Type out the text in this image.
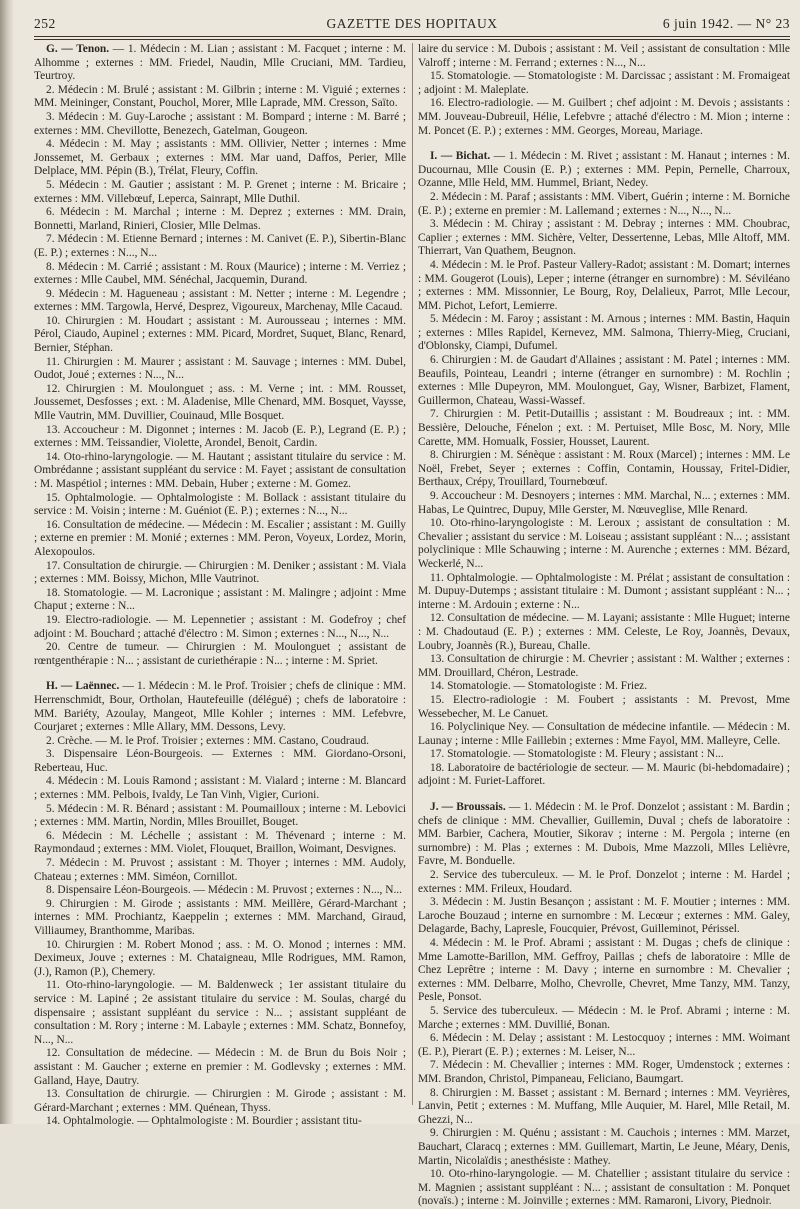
252	GAZETTE DES HOPITAUX	6 juin 1942. — N° 23

G. — Tenon. — 1. Médecin : M. Lian ; assistant : M. Facquet ; interne : M. Alhomme ; externes : MM. Friedel, Naudin, Mlle Cruciani, MM. Tardieu, Teurtroy.

2. Médecin : M. Brulé ; assistant : M. Gilbrin ; interne : M. Viguié ; externes : MM. Meininger, Constant, Pouchol, Morer, Mlle Laprade, MM. Cresson, Saïto.

3. Médecin : M. Guy-Laroche ; assistant : M. Bompard ; interne : M. Barré ; externes : MM. Chevillotte, Benezech, Gatelman, Gougeon.

4. Médecin : M. May ; assistants : MM. Ollivier, Netter ; internes : Mme Jonssemet, M. Gerbaux ; externes : MM. Mar uand, Daffos, Perier, Mlle Delplace, MM. Pépin (B.), Trélat, Fleury, Coffin.

5. Médecin : M. Gautier ; assistant : M. P. Grenet ; interne : M. Bricaire ; externes : MM. Villebœuf, Leperca, Sainrapt, Mlle Duthil.

6. Médecin : M. Marchal ; interne : M. Deprez ; externes : MM. Drain, Bonnetti, Marland, Rinieri, Closier, Mlle Delmas.

7. Médecin : M. Etienne Bernard ; internes : M. Canivet (E. P.), Sibertin-Blanc (E. P.) ; externes : N..., N...

8. Médecin : M. Carrié ; assistant : M. Roux (Maurice) ; interne : M. Verriez ; externes : Mlle Caubel, MM. Sénéchal, Jacquemin, Durand.

9. Médecin : M. Hagueneau ; assistant : M. Netter ; interne : M. Legendre ; externes : MM. Targowla, Hervé, Desprez, Vigoureux, Marchenay, Mlle Cacaud.

10. Chirurgien : M. Houdart ; assistant : M. Aurousseau ; internes : MM. Pérol, Ciaudo, Aupinel ; externes : MM. Picard, Mordret, Suquet, Blanc, Renard, Bernier, Stéphan.

11. Chirurgien : M. Maurer ; assistant : M. Sauvage ; internes : MM. Dubel, Oudot, Joué ; externes : N..., N...

12. Chirurgien : M. Moulonguet ; ass. : M. Verne ; int. : MM. Rousset, Joussemet, Desfosses ; ext. : M. Aladenise, Mlle Chenard, MM. Bosquet, Vaysse, Mlle Vautrin, MM. Duvillier, Couinaud, Mlle Bosquet.

13. Accoucheur : M. Digonnet ; internes : M. Jacob (E. P.), Legrand (E. P.) ; externes : MM. Teissandier, Violette, Arondel, Benoit, Cardin.

14. Oto-rhino-laryngologie. — M. Hautant ; assistant titulaire du service : M. Ombrédanne ; assistant suppléant du service : M. Fayet ; assistant de consultation : M. Maspétiol ; internes : MM. Debain, Huber ; externe : M. Gomez.

15. Ophtalmologie. — Ophtalmologiste : M. Bollack : assistant titulaire du service : M. Voisin ; interne : M. Guéniot (E. P.) ; externes : N..., N...

16. Consultation de médecine. — Médecin : M. Escalier ; assistant : M. Guilly ; externe en premier : M. Monié ; externes : MM. Peron, Voyeux, Lordez, Morin, Alexopoulos.

17. Consultation de chirurgie. — Chirurgien : M. Deniker ; assistant : M. Viala ; externes : MM. Boissy, Michon, Mlle Vautrinot.

18. Stomatologie. — M. Lacronique ; assistant : M. Malingre ; adjoint : Mme Chaput ; externe : N...

19. Electro-radiologie. — M. Lepennetier ; assistant : M. Godefroy ; chef adjoint : M. Bouchard ; attaché d'électro : M. Simon ; externes : N..., N..., N...

20. Centre de tumeur. — Chirurgien : M. Moulonguet ; assistant de rœntgenthérapie : N... ; assistant de curiethérapie : N... ; interne : M. Spriet.

H. — Laënnec. — 1. Médecin : M. le Prof. Troisier ; chefs de clinique : MM. Herrenschmidt, Bour, Ortholan, Hautefeuille (délégué) ; chefs de laboratoire : MM. Bariéty, Azoulay, Mangeot, Mlle Kohler ; internes : MM. Lefebvre, Courjaret ; externes : Mlle Allary, MM. Dessons, Levy.

2. Crèche. — M. le Prof. Troisier ; externes : MM. Castano, Coudraud.

3. Dispensaire Léon-Bourgeois. — Externes : MM. Giordano-Orsoni, Reberteau, Huc.

4. Médecin : M. Louis Ramond ; assistant : M. Vialard ; interne : M. Blancard ; externes : MM. Pelbois, Ivaldy, Le Tan Vinh, Vigier, Curioni.

5. Médecin : M. R. Bénard ; assistant : M. Poumailloux ; interne : M. Lebovici ; externes : MM. Martin, Nordin, Mlles Brouillet, Bouget.

6. Médecin : M. Léchelle ; assistant : M. Thévenard ; interne : M. Raymondaud ; externes : MM. Violet, Flouquet, Braillon, Woimant, Desvignes.

7. Médecin : M. Pruvost ; assistant : M. Thoyer ; internes : MM. Audoly, Chateau ; externes : MM. Siméon, Cornillot.

8. Dispensaire Léon-Bourgeois. — Médecin : M. Pruvost ; externes : N..., N...

9. Chirurgien : M. Girode ; assistants : MM. Meillère, Gérard-Marchant ; internes : MM. Prochiantz, Kaeppelin ; externes : MM. Marchand, Giraud, Villiaumey, Branthomme, Maribas.

10. Chirurgien : M. Robert Monod ; ass. : M. O. Monod ; internes : MM. Deximeux, Jouve ; externes : M. Chataigneau, Mlle Rodrigues, MM. Ramon, (J.), Ramon (P.), Chemery.

11. Oto-rhino-laryngologie. — M. Baldenweck ; 1er assistant titulaire du service : M. Lapiné ; 2e assistant titulaire du service : M. Soulas, chargé du dispensaire ; assistant suppléant du service : N... ; assistant suppléant de consultation : M. Rory ; interne : M. Labayle ; externes : MM. Schatz, Bonnefoy, N..., N...

12. Consultation de médecine. — Médecin : M. de Brun du Bois Noir ; assistant : M. Gaucher ; externe en premier : M. Godlevsky ; externes : MM. Galland, Haye, Dautry.

13. Consultation de chirurgie. — Chirurgien : M. Girode ; assistant : M. Gérard-Marchant ; externes : MM. Quénean, Thyss.

14. Ophtalmologie. — Ophtalmologiste : M. Bourdier ; assistant titu-

laire du service : M. Dubois ; assistant : M. Veil ; assistant de consultation : Mlle Valroff ; interne : M. Ferrand ; externes : N..., N...

15. Stomatologie. — Stomatologiste : M. Darcissac ; assistant : M. Fromaigeat ; adjoint : M. Maleplate.

16. Electro-radiologie. — M. Guilbert ; chef adjoint : M. Devois ; assistants : MM. Jouveau-Dubreuil, Hélie, Lefebvre ; attaché d'électro : M. Mion ; interne : M. Poncet (E. P.) ; externes : MM. Georges, Moreau, Mariage.

I. — Bichat. — 1. Médecin : M. Rivet ; assistant : M. Hanaut ; internes : M. Ducournau, Mlle Cousin (E. P.) ; externes : MM. Pepin, Pernelle, Charroux, Ozanne, Mlle Held, MM. Hummel, Briant, Nedey.

2. Médecin : M. Paraf ; assistants : MM. Vibert, Guérin ; interne : M. Borniche (E. P.) ; externe en premier : M. Lallemand ; externes : N..., N..., N...

3. Médecin : M. Chiray ; assistant : M. Debray ; internes : MM. Choubrac, Caplier ; externes : MM. Sichère, Velter, Dessertenne, Lebas, Mlle Altoff, MM. Thierrart, Van Quathem, Beugnon.

4. Médecin : M. le Prof. Pasteur Vallery-Radot; assistant : M. Domart; internes : MM. Gougerot (Louis), Leper ; interne (étranger en surnombre) : M. Séviléano ; externes : MM. Missonnier, Le Bourg, Roy, Delalieux, Parrot, Mlle Lecour, MM. Pichot, Lefort, Lemierre.

5. Médecin : M. Faroy ; assistant : M. Arnous ; internes : MM. Bastin, Haquin ; externes : Mlles Rapidel, Kernevez, MM. Salmona, Thierry-Mieg, Cruciani, d'Oblonsky, Ciampi, Dufumel.

6. Chirurgien : M. de Gaudart d'Allaines ; assistant : M. Patel ; internes : MM. Beaufils, Pointeau, Leandri ; interne (étranger en surnombre) : M. Rochlin ; externes : Mlle Dupeyron, MM. Moulonguet, Gay, Wisner, Barbizet, Flament, Guillermon, Chateau, Wassi-Wassef.

7. Chirurgien : M. Petit-Dutaillis ; assistant : M. Boudreaux ; int. : MM. Bessière, Delouche, Fénelon ; ext. : M. Pertuiset, Mlle Bosc, M. Nory, Mlle Carette, MM. Homualk, Fossier, Housset, Laurent.

8. Chirurgien : M. Sénèque : assistant : M. Roux (Marcel) ; internes : MM. Le Noël, Frebet, Seyer ; externes : Coffin, Contamin, Houssay, Fritel-Didier, Berthaux, Crépy, Trouillard, Tournebœuf.

9. Accoucheur : M. Desnoyers ; internes : MM. Marchal, N... ; externes : MM. Habas, Le Quintrec, Dupuy, Mlle Gerster, M. Nœuveglise, Mlle Renard.

10. Oto-rhino-laryngologiste : M. Leroux ; assistant de consultation : M. Chevalier ; assistant du service : M. Loiseau ; assistant suppléant : N... ; assistant polyclinique : Mlle Schauwing ; interne : M. Aurenche ; externes : MM. Bézard, Weckerlé, N...

11. Ophtalmologie. — Ophtalmologiste : M. Prélat ; assistant de consultation : M. Dupuy-Dutemps ; assistant titulaire : M. Dumont ; assistant suppléant : N... ; interne : M. Ardouin ; externe : N...

12. Consultation de médecine. — M. Layani; assistante : Mlle Huguet; interne : M. Chadoutaud (E. P.) ; externes : MM. Celeste, Le Roy, Joannès, Devaux, Loubry, Joannès (R.), Bureau, Challe.

13. Consultation de chirurgie : M. Chevrier ; assistant : M. Walther ; externes : MM. Drouillard, Chéron, Lestrade.

14. Stomatologie. — Stomatologiste : M. Friez.

15. Electro-radiologie : M. Foubert ; assistants : M. Prevost, Mme Wessebecher, M. Le Canuet.

16. Polyclinique Ney. — Consultation de médecine infantile. — Médecin : M. Launay ; interne : Mlle Faillebin ; externes : Mme Fayol, MM. Malleyre, Celle.

17. Stomatologie. — Stomatologiste : M. Fleury ; assistant : N...

18. Laboratoire de bactériologie de secteur. — M. Mauric (bi-hebdomadaire) ; adjoint : M. Furiet-Lafforet.

J. — Broussais. — 1. Médecin : M. le Prof. Donzelot ; assistant : M. Bardin ; chefs de clinique : MM. Chevallier, Guillemin, Duval ; chefs de laboratoire : MM. Barbier, Cachera, Moutier, Sikorav ; interne : M. Pergola ; interne (en surnombre) : M. Plas ; externes : M. Dubois, Mme Mazzoli, Mlles Lelièvre, Favre, M. Bonduelle.

2. Service des tuberculeux. — M. le Prof. Donzelot ; interne : M. Hardel ; externes : MM. Frileux, Houdard.

3. Médecin : M. Justin Besançon ; assistant : M. F. Moutier ; internes : MM. Laroche Bouzaud ; interne en surnombre : M. Lecœur ; externes : MM. Galey, Delagarde, Bachy, Lapresle, Foucquier, Prévost, Guilleminot, Périssel.

4. Médecin : M. le Prof. Abrami ; assistant : M. Dugas ; chefs de clinique : Mme Lamotte-Barillon, MM. Geffroy, Paillas ; chefs de laboratoire : Mlle de Chez Leprêtre ; interne : M. Davy ; interne en surnombre : M. Chevalier ; externes : MM. Delbarre, Molho, Chevrolle, Chevret, Mme Tanzy, MM. Tanzy, Pesle, Ponsot.

5. Service des tuberculeux. — Médecin : M. le Prof. Abrami ; interne : M. Marche ; externes : MM. Duvillié, Bonan.

6. Médecin : M. Delay ; assistant : M. Lestocquoy ; internes : MM. Woimant (E. P.), Pierart (E. P.) ; externes : M. Leiser, N...

7. Médecin : M. Chevallier ; internes : MM. Roger, Umdenstock ; externes : MM. Brandon, Christol, Pimpaneau, Feliciano, Baumgart.

8. Chirurgien : M. Basset ; assistant : M. Bernard ; internes : MM. Veyrières, Lanvin, Petit ; externes : M. Muffang, Mlle Auquier, M. Harel, Mlle Retail, M. Ghezzi, N...

9. Chirurgien : M. Quénu ; assistant : M. Cauchois ; internes : MM. Marzet, Bauchart, Claracq ; externes : MM. Guillemart, Martin, Le Jeune, Méary, Denis, Martin, Nicolaïdis ; anesthésiste : Mathey.

10. Oto-rhino-laryngologie. — M. Chatellier ; assistant titulaire du service : M. Magnien ; assistant suppléant : N... ; assistant de consultation : M. Ponquet (novaïs.) ; interne : M. Joinville ; externes : MM. Ramaroni, Livory, Piednoir.
